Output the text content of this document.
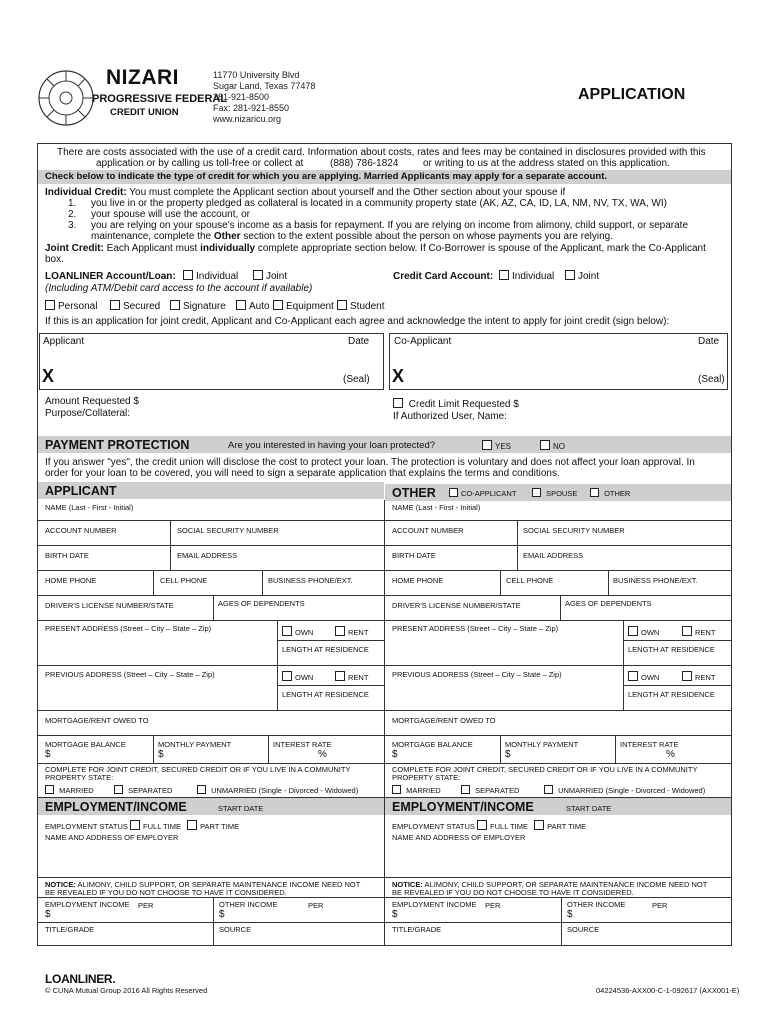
NIZARI
PROGRESSIVE FEDERAL
CREDIT UNION
11770 University Blvd
Sugar Land, Texas 77478
281-921-8500
Fax: 281-921-8550
www.nizaricu.org
APPLICATION
There are costs associated with the use of a credit card. Information about costs, rates and fees may be contained in disclosures provided with this
application or by calling us toll-free or collect at	(888) 786-1824 or writing to us at the address stated on this application.
Check below to indicate the type of credit for which you are applying. Married Applicants may apply for a separate account.
Individual Credit: You must complete the Applicant section about yourself and the Other section about your spouse if
1. you live in or the property pledged as collateral is located in a community property state (AK, AZ, CA, ID, LA, NM, NV, TX, WA, WI)
2. your spouse will use the account, or
3. you are relying on your spouse's income as a basis for repayment. If you are relying on income from alimony, child support, or separate
maintenance, complete the Other section to the extent possible about the person on whose payments you are relying.
Joint Credit: Each Applicant must individually complete appropriate section below. If Co-Borrower is spouse of the Applicant, mark the Co-Applicant
box.
LOANLINER Account/Loan:	Individual	Joint
(Including ATM/Debit card access to the account if available)
Credit Card Account:	Individual	Joint
Personal	Secured	Signature	Auto	Equipment	Student
If this is an application for joint credit, Applicant and Co-Applicant each agree and acknowledge the intent to apply for joint credit (sign below):
Applicant	Date
X	(Seal)
Co-Applicant	Date
X	(Seal)
Amount Requested $
Purpose/Collateral:
Credit Limit Requested $
If Authorized User, Name:
PAYMENT PROTECTION	Are you interested in having your loan protected?	YES	NO
If you answer "yes", the credit union will disclose the cost to protect your loan. The protection is voluntary and does not affect your loan approval. In
order for your loan to be covered, you will need to sign a separate application that explains the terms and conditions.
APPLICANT	OTHER	CO-APPLICANT	SPOUSE	OTHER
NAME (Last - First - Initial)
ACCOUNT NUMBER	SOCIAL SECURITY NUMBER
BIRTH DATE	EMAIL ADDRESS
HOME PHONE	CELL PHONE	BUSINESS PHONE/EXT.
DRIVER'S LICENSE NUMBER/STATE	AGES OF DEPENDENTS
PRESENT ADDRESS (Street – City – State – Zip)	OWN	RENT
LENGTH AT RESIDENCE
PREVIOUS ADDRESS (Street – City – State – Zip)	OWN	RENT
LENGTH AT RESIDENCE
MORTGAGE/RENT OWED TO
MORTGAGE BALANCE
$
MONTHLY PAYMENT
$
INTEREST RATE
%
COMPLETE FOR JOINT CREDIT, SECURED CREDIT OR IF YOU LIVE IN A COMMUNITY
PROPERTY STATE:
MARRIED	SEPARATED	UNMARRIED (Single - Divorced - Widowed)
EMPLOYMENT/INCOME	START DATE
EMPLOYMENT STATUS FULL TIME	PART TIME
NAME AND ADDRESS OF EMPLOYER
NOTICE: ALIMONY, CHILD SUPPORT, OR SEPARATE MAINTENANCE INCOME NEED NOT
BE REVEALED IF YOU DO NOT CHOOSE TO HAVE IT CONSIDERED.
EMPLOYMENT INCOME PER
$
OTHER INCOME	PER
$
TITLE/GRADE	SOURCE
NAME (Last - First - Initial)
ACCOUNT NUMBER	SOCIAL SECURITY NUMBER
BIRTH DATE	EMAIL ADDRESS
HOME PHONE	CELL PHONE	BUSINESS PHONE/EXT.
DRIVER'S LICENSE NUMBER/STATE	AGES OF DEPENDENTS
PRESENT ADDRESS (Street – City – State – Zip)	OWN	RENT
LENGTH AT RESIDENCE
PREVIOUS ADDRESS (Street – City – State – Zip)	OWN	RENT
LENGTH AT RESIDENCE
MORTGAGE/RENT OWED TO
MORTGAGE BALANCE
$
MONTHLY PAYMENT
$
INTEREST RATE
%
COMPLETE FOR JOINT CREDIT, SECURED CREDIT OR IF YOU LIVE IN A COMMUNITY
PROPERTY STATE:
MARRIED	SEPARATED	UNMARRIED (Single - Divorced - Widowed)
EMPLOYMENT/INCOME	START DATE
EMPLOYMENT STATUS FULL TIME	PART TIME
NAME AND ADDRESS OF EMPLOYER
NOTICE: ALIMONY, CHILD SUPPORT, OR SEPARATE MAINTENANCE INCOME NEED NOT
BE REVEALED IF YOU DO NOT CHOOSE TO HAVE IT CONSIDERED.
EMPLOYMENT INCOME PER
$
OTHER INCOME	PER
$
TITLE/GRADE	SOURCE
LOANLINER.
© CUNA Mutual Group 2016 All Rights Reserved	04224536-AXX00-C-1-092617 (AXX001-E)
